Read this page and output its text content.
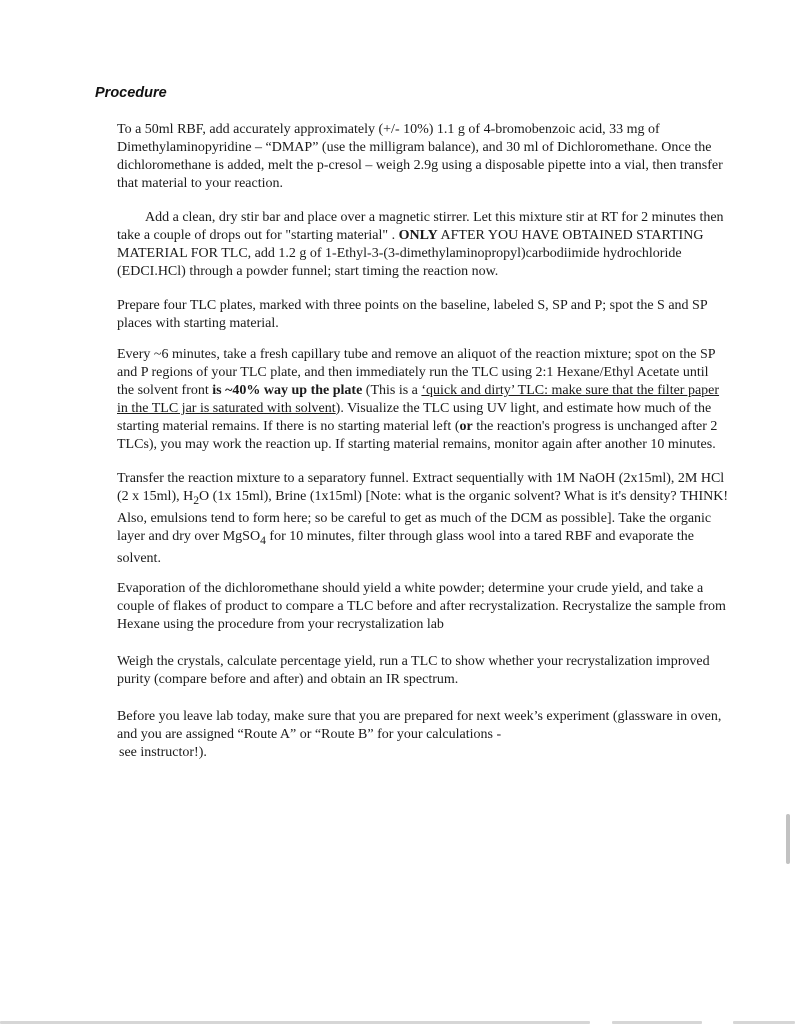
Procedure

To a 50ml RBF, add accurately approximately (+/- 10%) 1.1 g of 4-bromobenzoic acid, 33 mg of Dimethylaminopyridine – “DMAP” (use the milligram balance), and 30 ml of Dichloromethane. Once the dichloromethane is added, melt the p-cresol – weigh 2.9g using a disposable pipette into a vial, then transfer that material to your reaction.

Add a clean, dry stir bar and place over a magnetic stirrer. Let this mixture stir at RT for 2 minutes then take a couple of drops out for "starting material" . ONLY AFTER YOU HAVE OBTAINED STARTING MATERIAL FOR TLC, add 1.2 g of 1-Ethyl-3-(3-dimethylaminopropyl)carbodiimide hydrochloride (EDCI.HCl) through a powder funnel; start timing the reaction now.

Prepare four TLC plates, marked with three points on the baseline, labeled S, SP and P; spot the S and SP places with starting material.

Every ~6 minutes, take a fresh capillary tube and remove an aliquot of the reaction mixture; spot on the SP and P regions of your TLC plate, and then immediately run the TLC using 2:1 Hexane/Ethyl Acetate until the solvent front is ~40% way up the plate (This is a ‘quick and dirty’ TLC: make sure that the filter paper in the TLC jar is saturated with solvent). Visualize the TLC using UV light, and estimate how much of the starting material remains. If there is no starting material left (or the reaction's progress is unchanged after 2 TLCs), you may work the reaction up. If starting material remains, monitor again after another 10 minutes.

Transfer the reaction mixture to a separatory funnel. Extract sequentially with 1M NaOH (2x15ml), 2M HCl (2 x 15ml), $H_2O$ (1x 15ml), Brine (1x15ml) [Note: what is the organic solvent? What is it's density? THINK! Also, emulsions tend to form here; so be careful to get as much of the DCM as possible]. Take the organic layer and dry over MgSO$_4$ for 10 minutes, filter through glass wool into a tared RBF and evaporate the solvent.

Evaporation of the dichloromethane should yield a white powder; determine your crude yield, and take a couple of flakes of product to compare a TLC before and after recrystalization. Recrystalize the sample from Hexane using the procedure from your recrystalization lab

Weigh the crystals, calculate percentage yield, run a TLC to show whether your recrystalization improved purity (compare before and after) and obtain an IR spectrum.

Before you leave lab today, make sure that you are prepared for next week’s experiment (glassware in oven, and you are assigned “Route A” or “Route B” for your calculations -
see instructor!).
